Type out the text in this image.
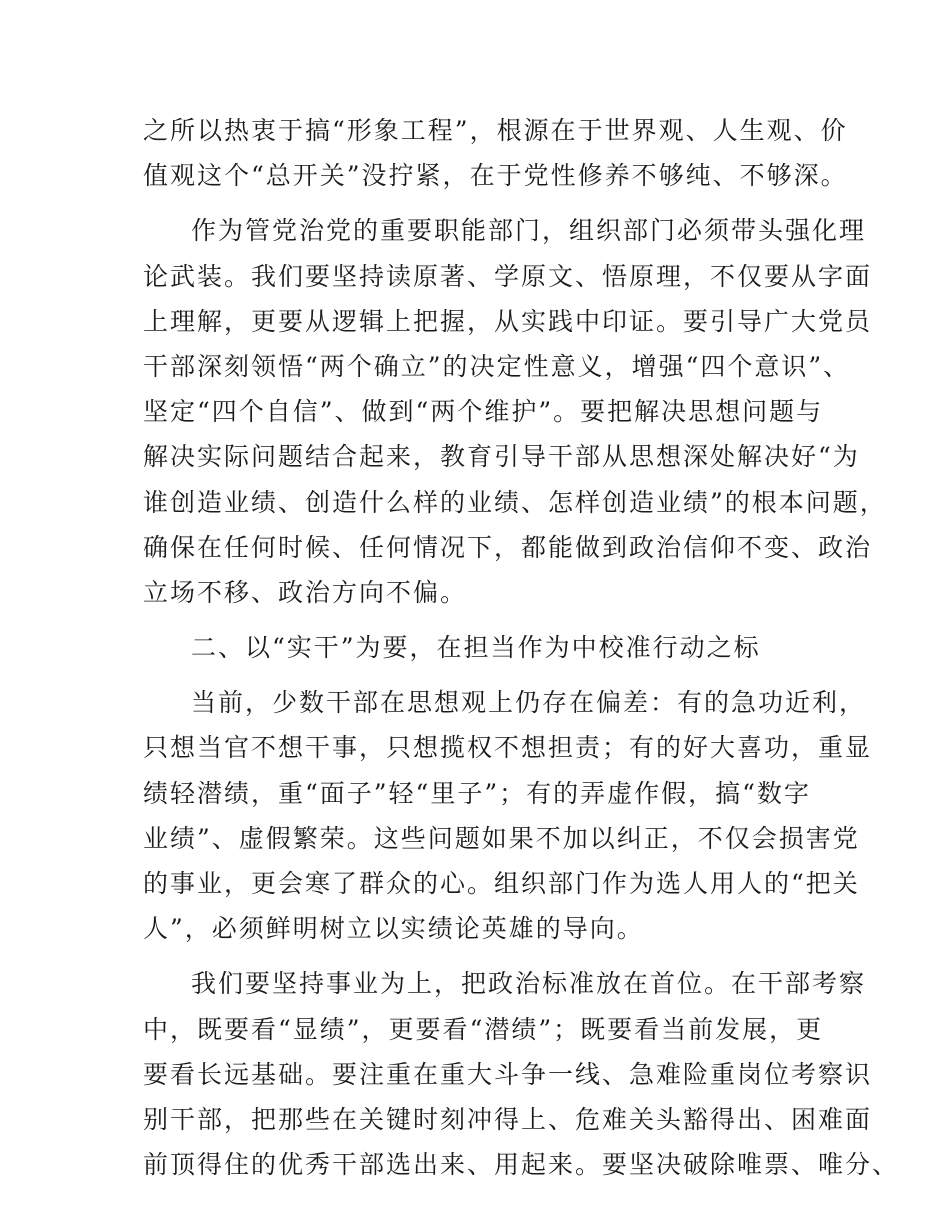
之所以热衷于搞“形象工程”，根源在于世界观、人生观、价
值观这个“总开关”没拧紧，在于党性修养不够纯、不够深。
作为管党治党的重要职能部门，组织部门必须带头强化理
论武装。我们要坚持读原著、学原文、悟原理，不仅要从字面
上理解，更要从逻辑上把握，从实践中印证。要引导广大党员
干部深刻领悟“两个确立”的决定性意义，增强“四个意识”、
坚定“四个自信”、做到“两个维护”。要把解决思想问题与
解决实际问题结合起来，教育引导干部从思想深处解决好“为
谁创造业绩、创造什么样的业绩、怎样创造业绩”的根本问题，
确保在任何时候、任何情况下，都能做到政治信仰不变、政治
立场不移、政治方向不偏。
二、以“实干”为要，在担当作为中校准行动之标
当前，少数干部在思想观上仍存在偏差：有的急功近利，
只想当官不想干事，只想揽权不想担责；有的好大喜功，重显
绩轻潜绩，重“面子”轻“里子”；有的弄虚作假，搞“数字
业绩”、虚假繁荣。这些问题如果不加以纠正，不仅会损害党
的事业，更会寒了群众的心。组织部门作为选人用人的“把关
人”，必须鲜明树立以实绩论英雄的导向。
我们要坚持事业为上，把政治标准放在首位。在干部考察
中，既要看“显绩”，更要看“潜绩”；既要看当前发展，更
要看长远基础。要注重在重大斗争一线、急难险重岗位考察识
别干部，把那些在关键时刻冲得上、危难关头豁得出、困难面
前顶得住的优秀干部选出来、用起来。要坚决破除唯票、唯分、
